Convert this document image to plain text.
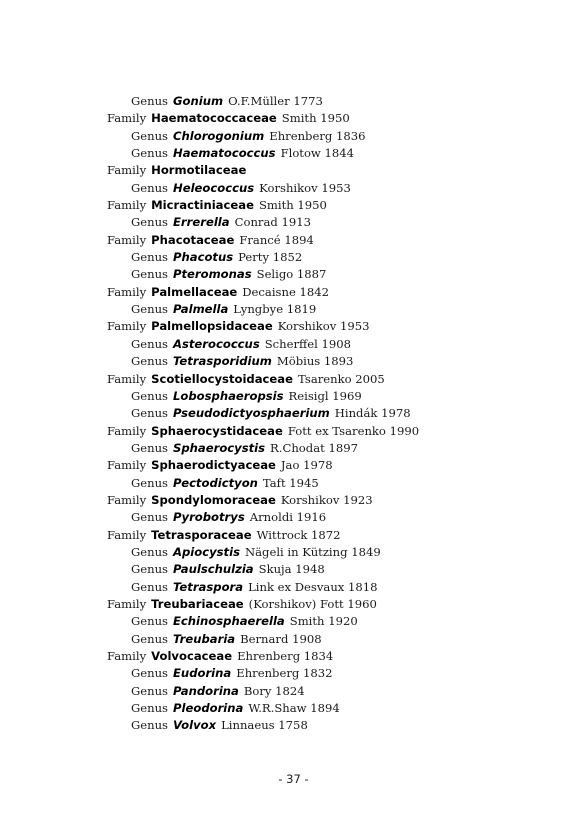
Genus Gonium O.F.Müller 1773
Family Haematococcaceae Smith 1950
Genus Chlorogonium Ehrenberg 1836
Genus Haematococcus Flotow 1844
Family Hormotilaceae
Genus Heleococcus Korshikov 1953
Family Micractiniaceae Smith 1950
Genus Errerella Conrad 1913
Family Phacotaceae Francé 1894
Genus Phacotus Perty 1852
Genus Pteromonas Seligo 1887
Family Palmellaceae Decaisne 1842
Genus Palmella Lyngbye 1819
Family Palmellopsidaceae Korshikov 1953
Genus Asterococcus Scherffel 1908
Genus Tetrasporidium Möbius 1893
Family Scotiellocystoidaceae Tsarenko 2005
Genus Lobosphaeropsis Reisigl 1969
Genus Pseudodictyosphaerium Hindák 1978
Family Sphaerocystidaceae Fott ex Tsarenko 1990
Genus Sphaerocystis R.Chodat 1897
Family Sphaerodictyaceae Jao 1978
Genus Pectodictyon Taft 1945
Family Spondylomoraceae Korshikov 1923
Genus Pyrobotrys Arnoldi 1916
Family Tetrasporaceae Wittrock 1872
Genus Apiocystis Nägeli in Kützing 1849
Genus Paulschulzia Skuja 1948
Genus Tetraspora Link ex Desvaux 1818
Family Treubariaceae (Korshikov) Fott 1960
Genus Echinosphaerella Smith 1920
Genus Treubaria Bernard 1908
Family Volvocaceae Ehrenberg 1834
Genus Eudorina Ehrenberg 1832
Genus Pandorina Bory 1824
Genus Pleodorina W.R.Shaw 1894
Genus Volvox Linnaeus 1758
- 37 -
